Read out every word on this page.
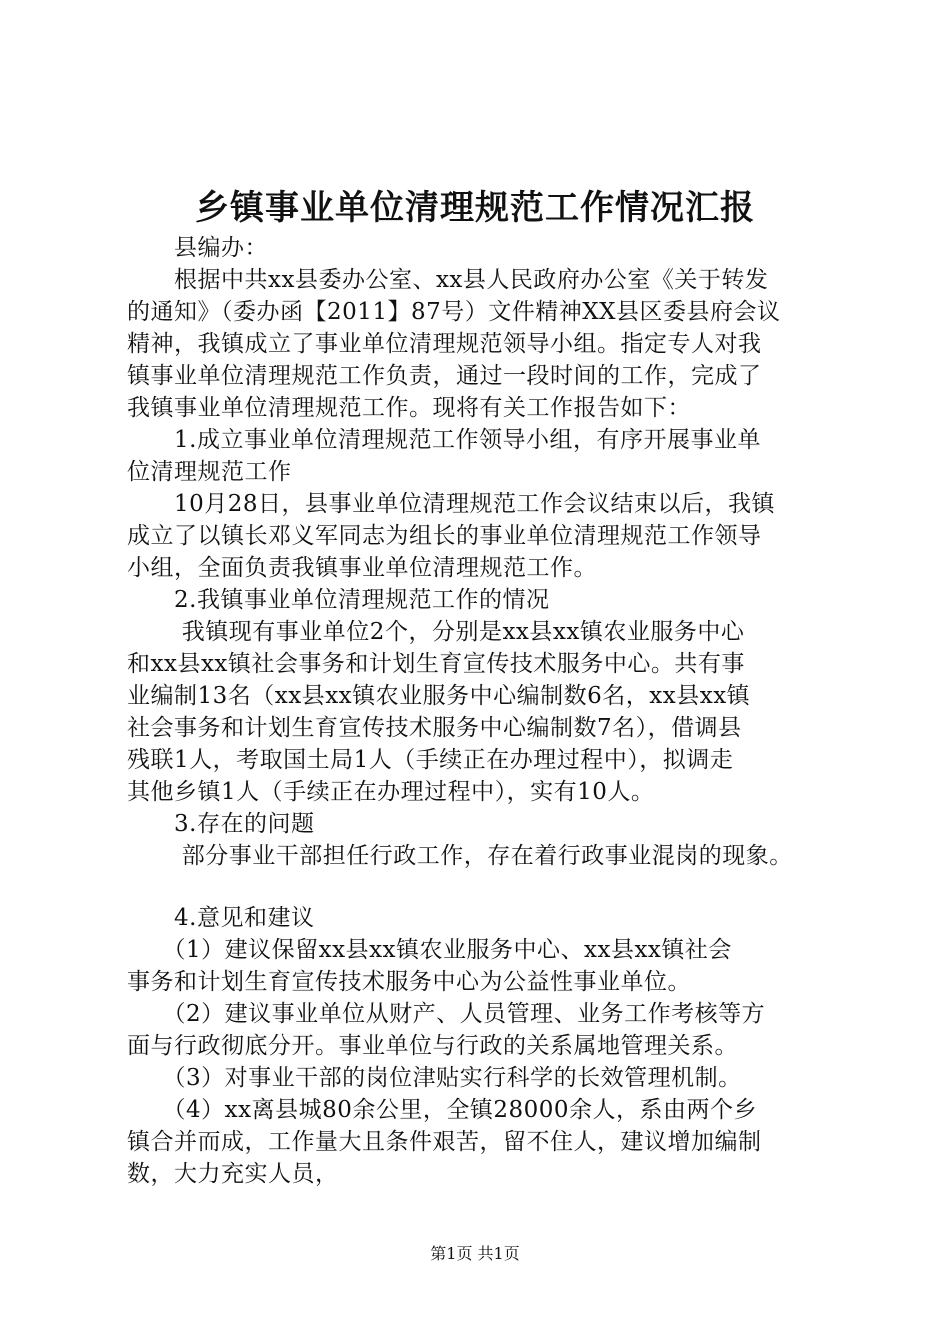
乡镇事业单位清理规范工作情况汇报
　　县编办：
　　根据中共xx县委办公室、xx县人民政府办公室《关于转发
的通知》（委办函【2011】87号）文件精神XX县区委县府会议
精神，我镇成立了事业单位清理规范领导小组。指定专人对我
镇事业单位清理规范工作负责，通过一段时间的工作，完成了
我镇事业单位清理规范工作。现将有关工作报告如下：
　　1.成立事业单位清理规范工作领导小组，有序开展事业单
位清理规范工作
　　10月28日，县事业单位清理规范工作会议结束以后，我镇
成立了以镇长邓义军同志为组长的事业单位清理规范工作领导
小组，全面负责我镇事业单位清理规范工作。
　　2.我镇事业单位清理规范工作的情况
　　 我镇现有事业单位2个，分别是xx县xx镇农业服务中心
和xx县xx镇社会事务和计划生育宣传技术服务中心。共有事
业编制13名（xx县xx镇农业服务中心编制数6名，xx县xx镇
社会事务和计划生育宣传技术服务中心编制数7名），借调县
残联1人，考取国土局1人（手续正在办理过程中），拟调走
其他乡镇1人（手续正在办理过程中），实有10人。
　　3.存在的问题
　　 部分事业干部担任行政工作，存在着行政事业混岗的现象。
　　4.意见和建议
　　（1）建议保留xx县xx镇农业服务中心、xx县xx镇社会
事务和计划生育宣传技术服务中心为公益性事业单位。
　　（2）建议事业单位从财产、人员管理、业务工作考核等方
面与行政彻底分开。事业单位与行政的关系属地管理关系。
　　（3）对事业干部的岗位津贴实行科学的长效管理机制。
　　（4）xx离县城80余公里，全镇28000余人，系由两个乡
镇合并而成，工作量大且条件艰苦，留不住人，建议增加编制
数，大力充实人员，
第1页 共1页
